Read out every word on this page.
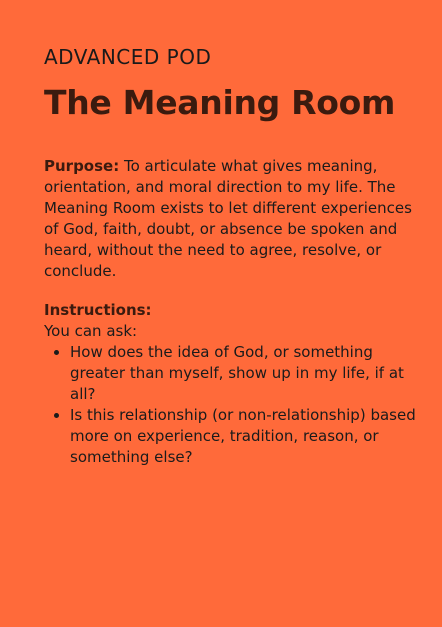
ADVANCED POD
The Meaning Room

Purpose: To articulate what gives meaning, orientation, and moral direction to my life. The Meaning Room exists to let different experiences of God, faith, doubt, or absence be spoken and heard, without the need to agree, resolve, or conclude.

Instructions:

You can ask:

• How does the idea of God, or something greater than myself, show up in my life, if at all?
• Is this relationship (or non-relationship) based more on experience, tradition, reason, or something else?
